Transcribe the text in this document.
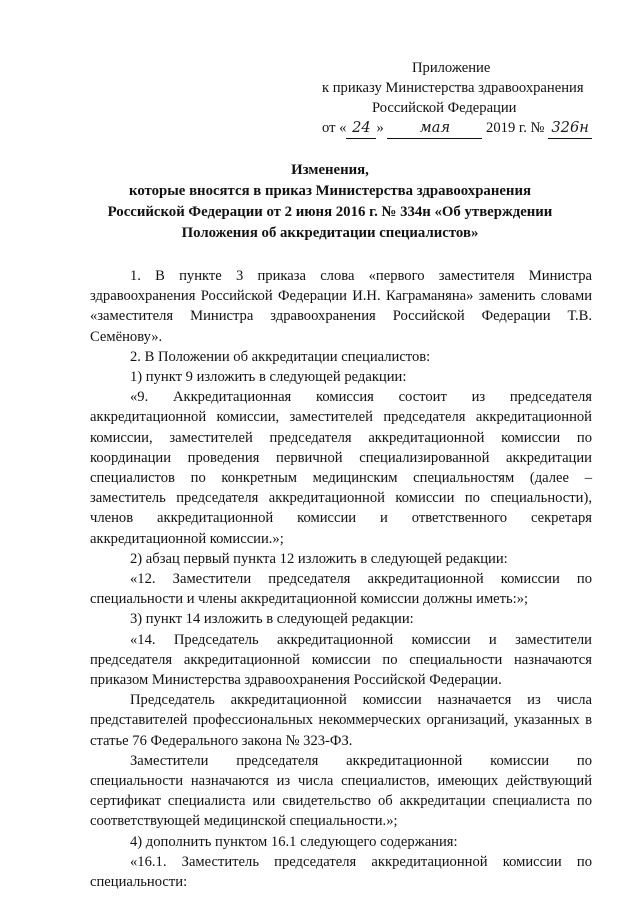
Приложение
к приказу Министерства здравоохранения
Российской Федерации
от « 24 » мая 2019 г. № 326н
Изменения,
которые вносятся в приказ Министерства здравоохранения
Российской Федерации от 2 июня 2016 г. № 334н «Об утверждении
Положения об аккредитации специалистов»

1. В пункте 3 приказа слова «первого заместителя Министра здравоохранения Российской Федерации И.Н. Каграманяна» заменить словами «заместителя Министра здравоохранения Российской Федерации Т.В. Семёнову».

2. В Положении об аккредитации специалистов:

1) пункт 9 изложить в следующей редакции:

«9. Аккредитационная комиссия состоит из председателя аккредитационной комиссии, заместителей председателя аккредитационной комиссии, заместителей председателя аккредитационной комиссии по координации проведения первичной специализированной аккредитации специалистов по конкретным медицинским специальностям (далее – заместитель председателя аккредитационной комиссии по специальности), членов аккредитационной комиссии и ответственного секретаря аккредитационной комиссии.»;

2) абзац первый пункта 12 изложить в следующей редакции:

«12. Заместители председателя аккредитационной комиссии по специальности и члены аккредитационной комиссии должны иметь:»;

3) пункт 14 изложить в следующей редакции:

«14. Председатель аккредитационной комиссии и заместители председателя аккредитационной комиссии по специальности назначаются приказом Министерства здравоохранения Российской Федерации.

Председатель аккредитационной комиссии назначается из числа представителей профессиональных некоммерческих организаций, указанных в статье 76 Федерального закона № 323-ФЗ.

Заместители председателя аккредитационной комиссии по специальности назначаются из числа специалистов, имеющих действующий сертификат специалиста или свидетельство об аккредитации специалиста по соответствующей медицинской специальности.»;

4) дополнить пунктом 16.1 следующего содержания:

«16.1. Заместитель председателя аккредитационной комиссии по специальности:
